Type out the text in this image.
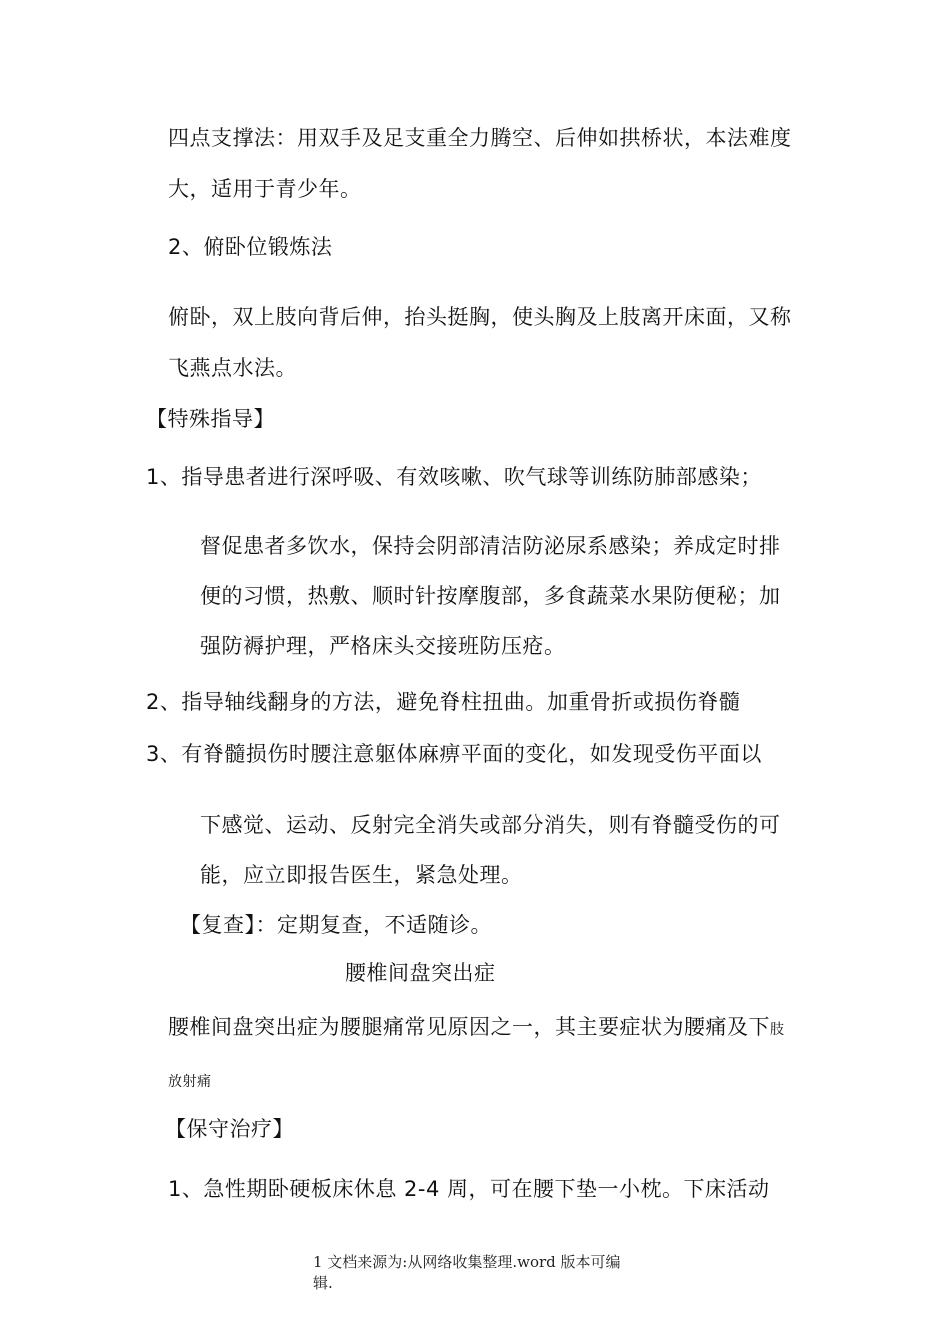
四点支撑法：用双手及足支重全力腾空、后伸如拱桥状，本法难度
大，适用于青少年。
2、俯卧位锻炼法
俯卧，双上肢向背后伸，抬头挺胸，使头胸及上肢离开床面，又称
飞燕点水法。
【特殊指导】
1、指导患者进行深呼吸、有效咳嗽、吹气球等训练防肺部感染；
督促患者多饮水，保持会阴部清洁防泌尿系感染；养成定时排
便的习惯，热敷、顺时针按摩腹部，多食蔬菜水果防便秘；加
强防褥护理，严格床头交接班防压疮。
2、指导轴线翻身的方法，避免脊柱扭曲。加重骨折或损伤脊髓
3、有脊髓损伤时腰注意躯体麻痹平面的变化，如发现受伤平面以
下感觉、运动、反射完全消失或部分消失，则有脊髓受伤的可
能，应立即报告医生，紧急处理。
【复查】：定期复查，不适随诊。
腰椎间盘突出症
腰椎间盘突出症为腰腿痛常见原因之一，其主要症状为腰痛及下肢
放射痛
【保守治疗】
1、急性期卧硬板床休息 2-4 周，可在腰下垫一小枕。下床活动
1 文档来源为:从网络收集整理.word 版本可编
辑.
